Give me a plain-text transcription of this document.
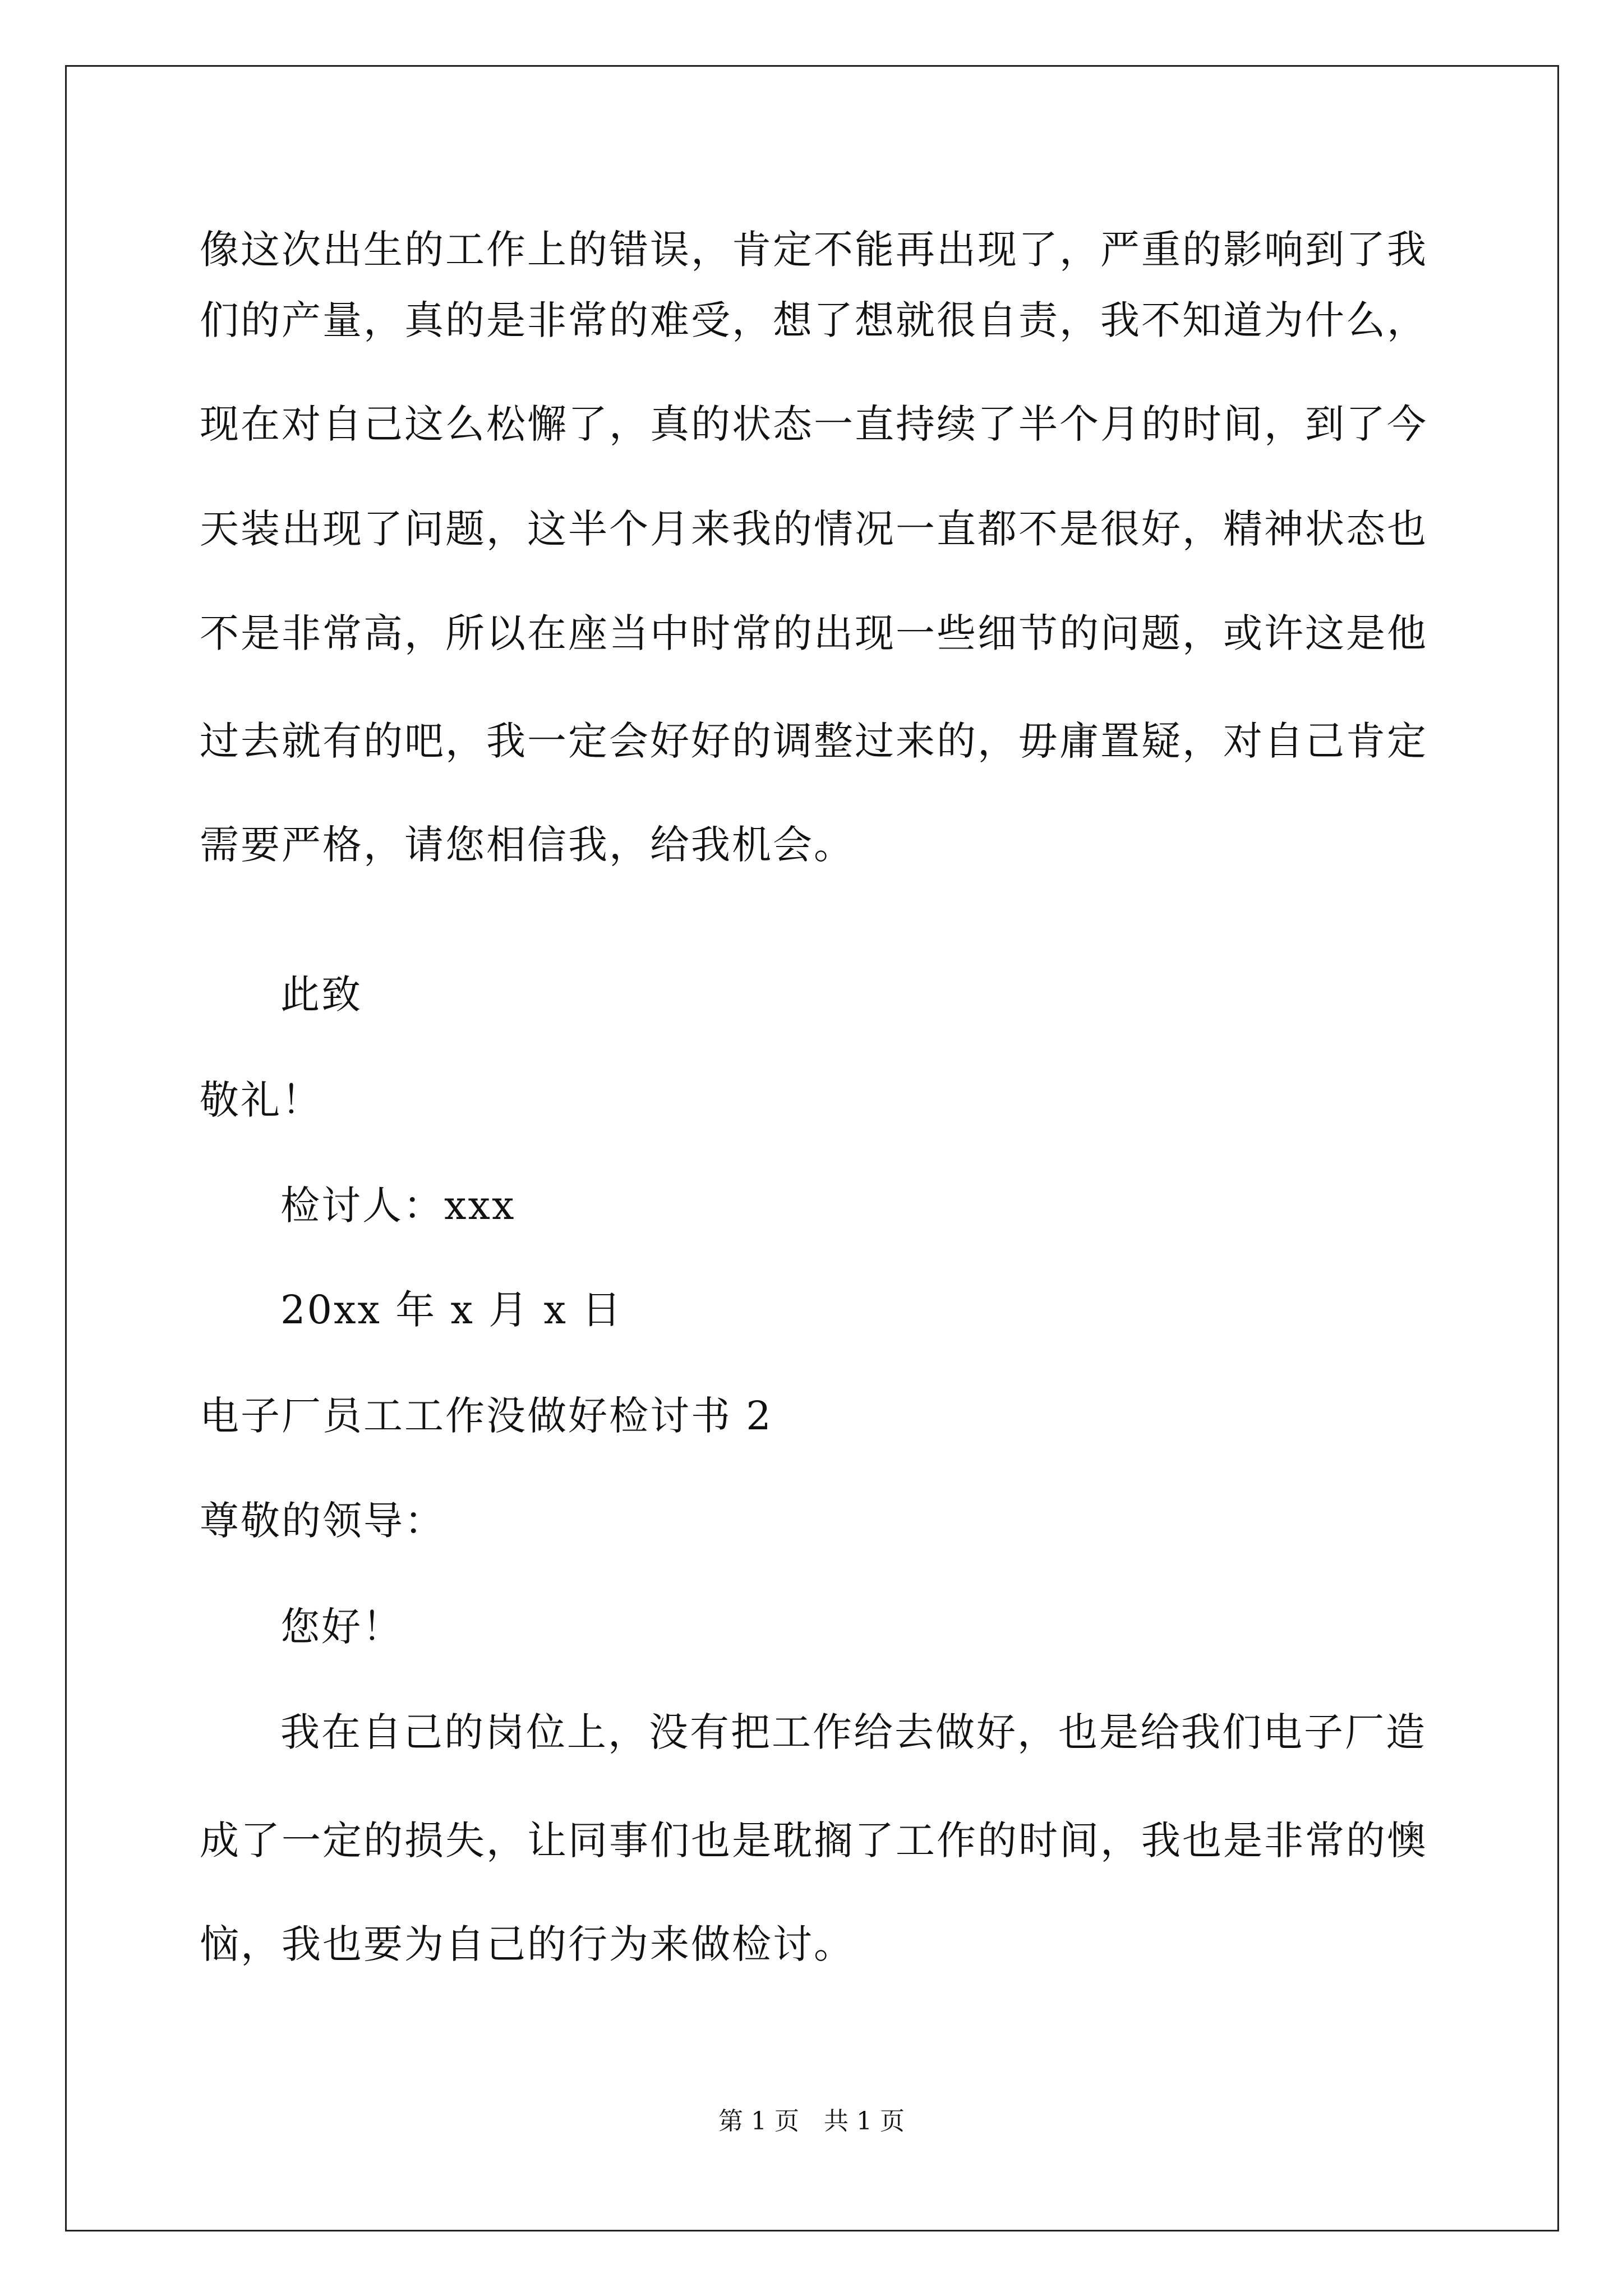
像这次出生的工作上的错误，肯定不能再出现了，严重的影响到了我
们的产量，真的是非常的难受，想了想就很自责，我不知道为什么，
现在对自己这么松懈了，真的状态一直持续了半个月的时间，到了今
天装出现了问题，这半个月来我的情况一直都不是很好，精神状态也
不是非常高，所以在座当中时常的出现一些细节的问题，或许这是他
过去就有的吧，我一定会好好的调整过来的，毋庸置疑，对自己肯定
需要严格，请您相信我，给我机会。
此致
敬礼！
检讨人：xxx
20xx 年 x 月 x 日
电子厂员工工作没做好检讨书 2
尊敬的领导：
您好！
我在自己的岗位上，没有把工作给去做好，也是给我们电子厂造
成了一定的损失，让同事们也是耽搁了工作的时间，我也是非常的懊
恼，我也要为自己的行为来做检讨。
第 1 页　共 1 页
